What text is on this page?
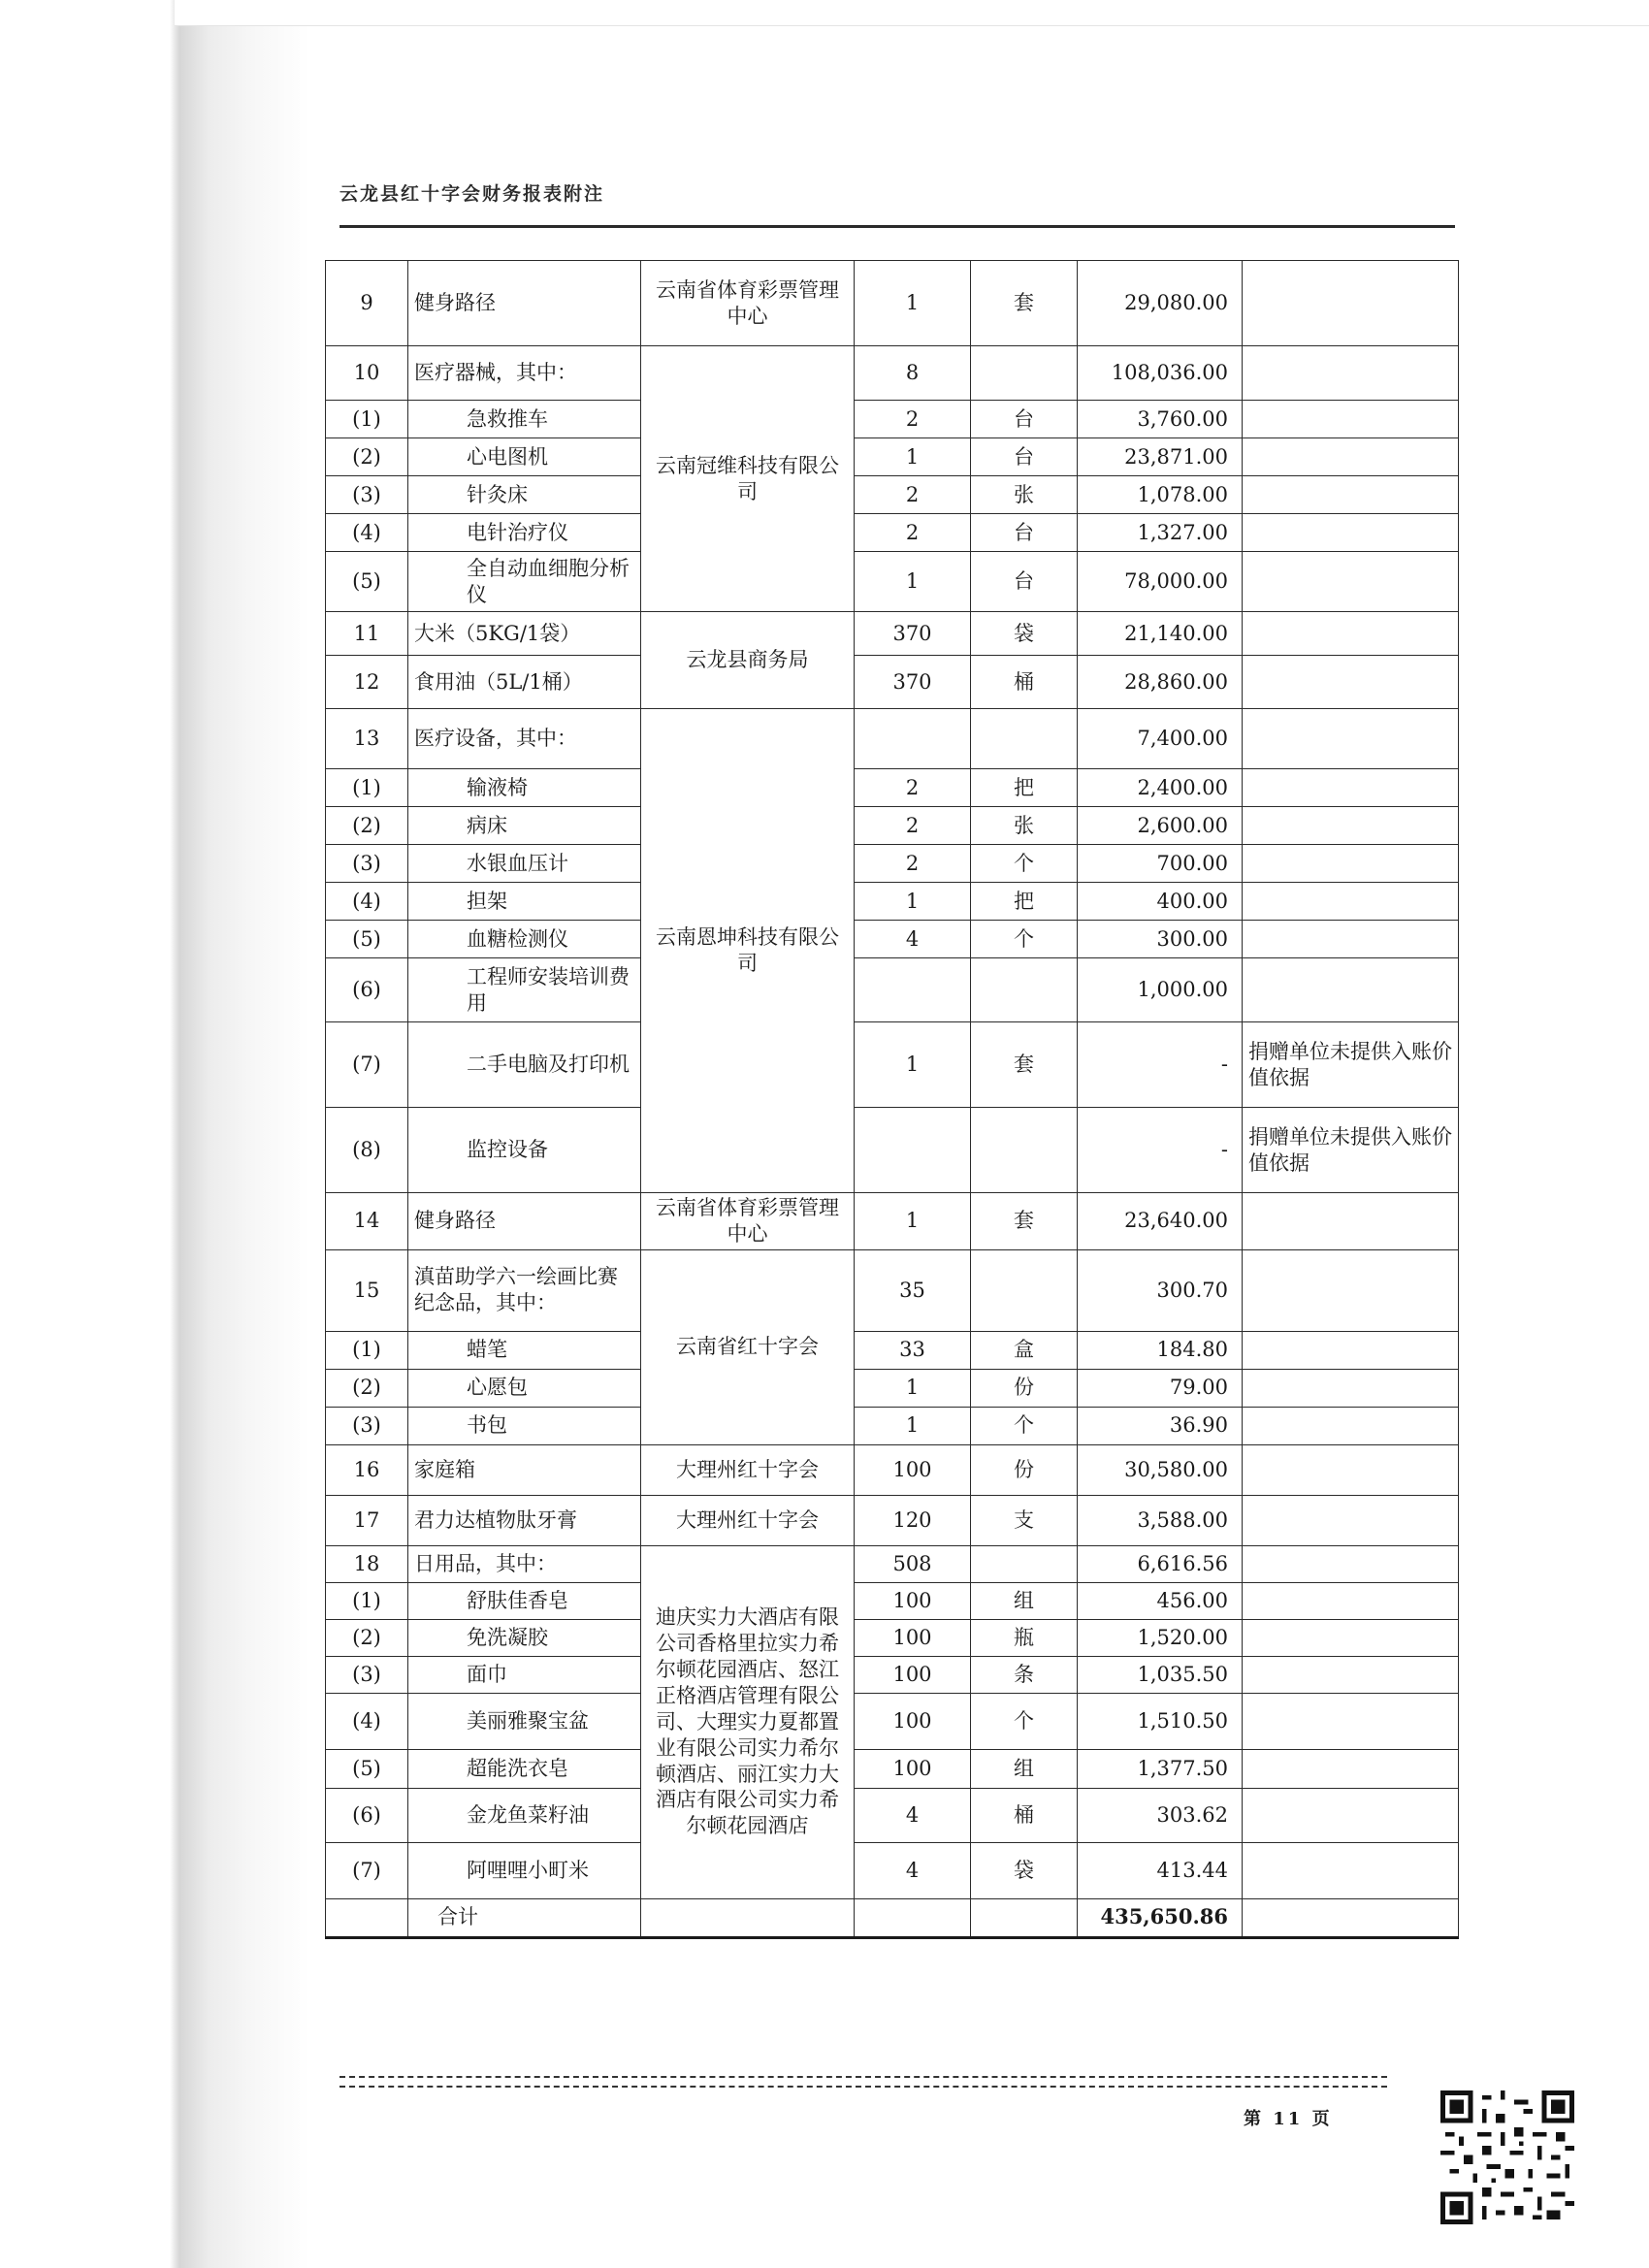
云龙县红十字会财务报表附注
9	健身路径	云南省体育彩票管理中心	1	套	29,080.00	
10	医疗器械，其中：	云南冠维科技有限公司	8		108,036.00	
(1)	急救推车		2	台	3,760.00	
(2)	心电图机		1	台	23,871.00	
(3)	针灸床		2	张	1,078.00	
(4)	电针治疗仪		2	台	1,327.00	
(5)	全自动血细胞分析仪		1	台	78,000.00	
11	大米（5KG/1袋）	云龙县商务局	370	袋	21,140.00	
12	食用油（5L/1桶）		370	桶	28,860.00	
13	医疗设备，其中：	云南恩坤科技有限公司			7,400.00	
(1)	输液椅		2	把	2,400.00	
(2)	病床		2	张	2,600.00	
(3)	水银血压计		2	个	700.00	
(4)	担架		1	把	400.00	
(5)	血糖检测仪		4	个	300.00	
(6)	工程师安装培训费用				1,000.00	
(7)	二手电脑及打印机		1	套	-	捐赠单位未提供入账价值依据
(8)	监控设备				-	捐赠单位未提供入账价值依据
14	健身路径	云南省体育彩票管理中心	1	套	23,640.00	
15	滇苗助学六一绘画比赛纪念品，其中：	云南省红十字会	35		300.70	
(1)	蜡笔		33	盒	184.80	
(2)	心愿包		1	份	79.00	
(3)	书包		1	个	36.90	
16	家庭箱	大理州红十字会	100	份	30,580.00	
17	君力达植物肽牙膏	大理州红十字会	120	支	3,588.00	
18	日用品，其中：	迪庆实力大酒店有限公司香格里拉实力希尔顿花园酒店、怒江正格酒店管理有限公司、大理实力夏都置业有限公司实力希尔顿酒店、丽江实力大酒店有限公司实力希尔顿花园酒店	508		6,616.56	
(1)	舒肤佳香皂		100	组	456.00	
(2)	免洗凝胶		100	瓶	1,520.00	
(3)	面巾		100	条	1,035.50	
(4)	美丽雅聚宝盆		100	个	1,510.50	
(5)	超能洗衣皂		100	组	1,377.50	
(6)	金龙鱼菜籽油		4	桶	303.62	
(7)	阿哩哩小町米		4	袋	413.44	
	合计				435,650.86	
第 11 页
